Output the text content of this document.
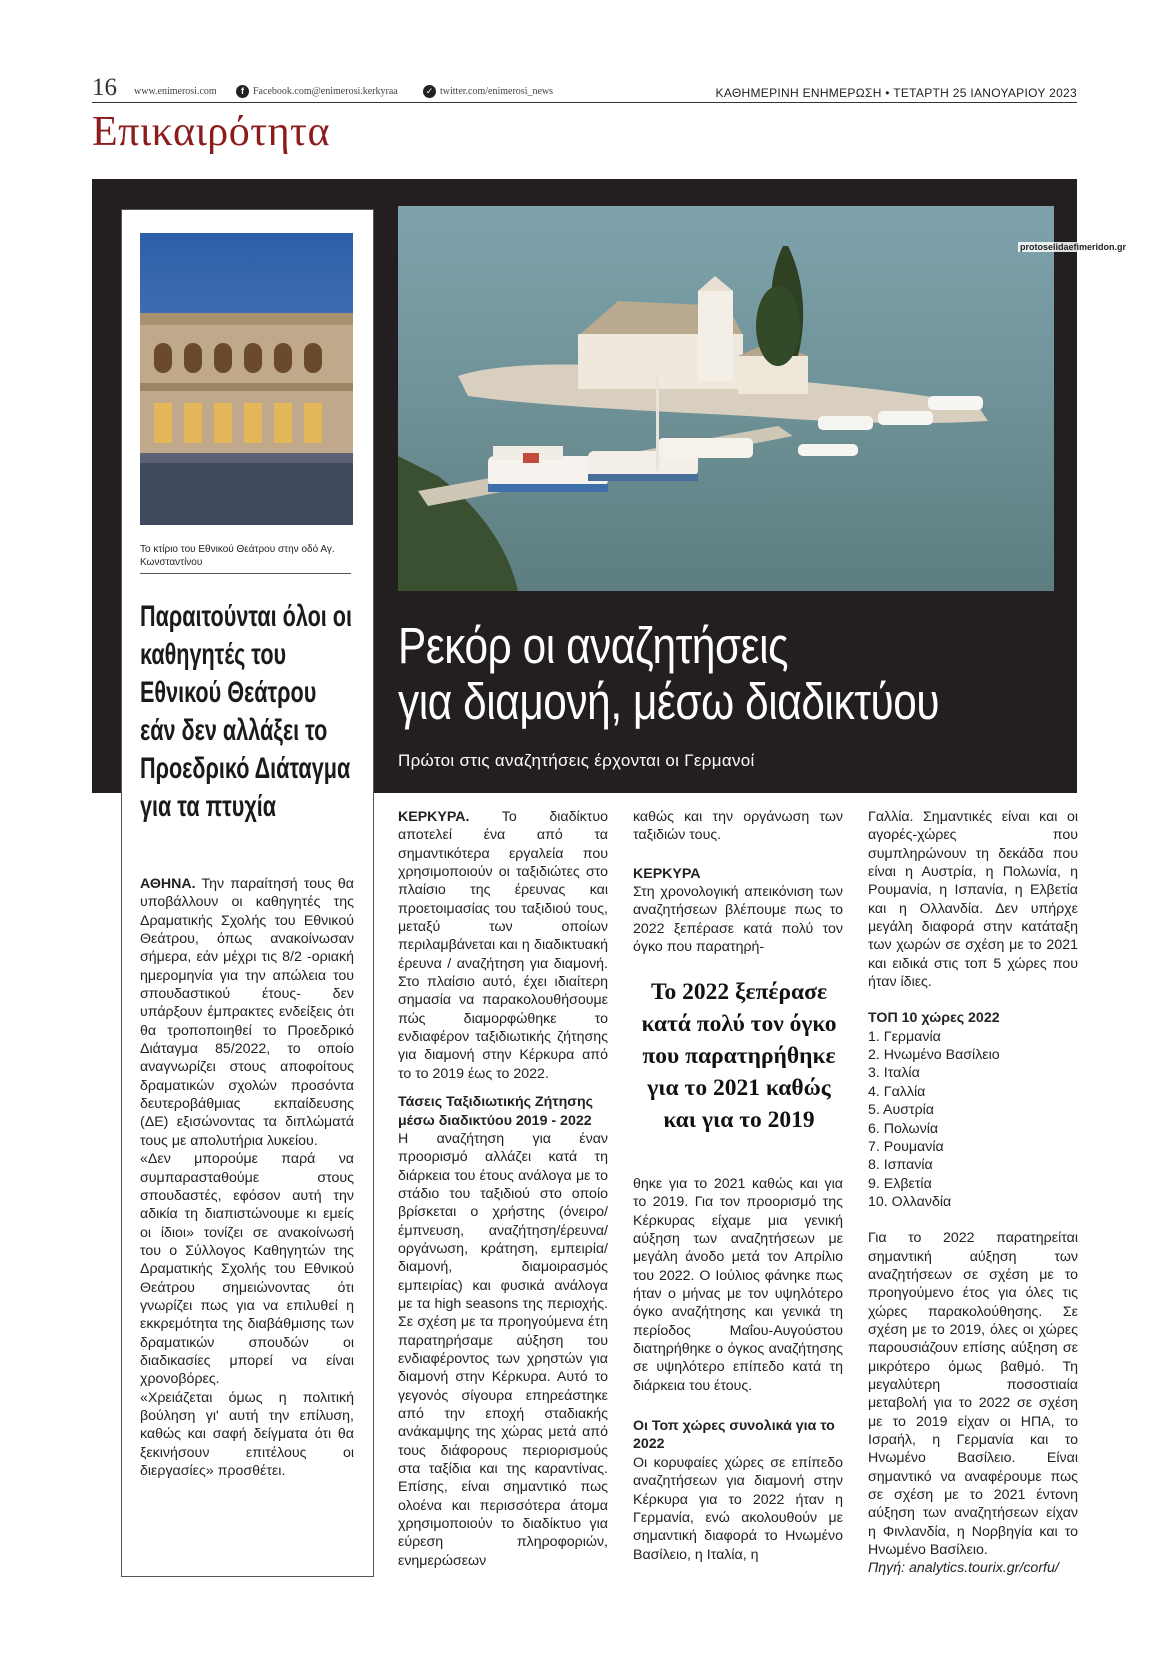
16 www.enimerosi.com	f Facebook.com@enimerosi.kerkyraa	✓ twitter.com/enimerosi_news	ΚΑΘΗΜΕΡΙΝΗ ΕΝΗΜΕΡΩΣΗ • ΤΕΤΑΡΤΗ 25 ΙΑΝΟΥΑΡΙΟΥ 2023
Επικαιρότητα
protoselidaefimeridon.gr
Ρεκόρ οι αναζητήσεις
για διαμονή, μέσω διαδικτύου
Πρώτοι στις αναζητήσεις έρχονται οι Γερμανοί
Το κτίριο του Εθνικού Θεάτρου στην οδό Αγ. Κωνσταντίνου
Παραιτούνται όλοι οι καθηγητές του Εθνικού Θεάτρου εάν δεν αλλάξει το Προεδρικό Διάταγμα για τα πτυχία

ΑΘΗΝΑ. Την παραίτησή τους θα υποβάλλουν οι καθηγητές της Δραματικής Σχολής του Εθνικού Θεάτρου, όπως ανακοίνωσαν σήμερα, εάν μέχρι τις 8/2 -οριακή ημερομηνία για την απώλεια του σπουδαστικού έτους- δεν υπάρξουν έμπρακτες ενδείξεις ότι θα τροποποιηθεί το Προεδρικό Διάταγμα 85/2022, το οποίο αναγνωρίζει στους αποφοίτους δραματικών σχολών προσόντα δευτεροβάθμιας εκπαίδευσης (ΔΕ) εξισώνοντας τα διπλώματά τους με απολυτήρια λυκείου.

«Δεν μπορούμε παρά να συμπαρασταθούμε στους σπουδαστές, εφόσον αυτή την αδικία τη διαπιστώνουμε κι εμείς οι ίδιοι» τονίζει σε ανακοίνωσή του ο Σύλλογος Καθηγητών της Δραματικής Σχολής του Εθνικού Θεάτρου σημειώνοντας ότι γνωρίζει πως για να επιλυθεί η εκκρεμότητα της διαβάθμισης των δραματικών σπουδών οι διαδικασίες μπορεί να είναι χρονοβόρες.

«Χρειάζεται όμως η πολιτική βούληση γι' αυτή την επίλυση, καθώς και σαφή δείγματα ότι θα ξεκινήσουν επιτέλους οι διεργασίες» προσθέτει.

ΚΕΡΚΥΡΑ. Το διαδίκτυο αποτελεί ένα από τα σημαντικότερα εργαλεία που χρησιμοποιούν οι ταξιδιώτες στο πλαίσιο της έρευνας και προετοιμασίας του ταξιδιού τους, μεταξύ των οποίων περιλαμβάνεται και η διαδικτυακή έρευνα / αναζήτηση για διαμονή. Στο πλαίσιο αυτό, έχει ιδιαίτερη σημασία να παρακολουθήσουμε πώς διαμορφώθηκε το ενδιαφέρον ταξιδιωτικής ζήτησης για διαμονή στην Κέρκυρα από το το 2019 έως το 2022.

Τάσεις Ταξιδιωτικής Ζήτησης μέσω διαδικτύου 2019 - 2022

Η αναζήτηση για έναν προορισμό αλλάζει κατά τη διάρκεια του έτους ανάλογα με το στάδιο του ταξιδιού στο οποίο βρίσκεται ο χρήστης (όνειρο/έμπνευση, αναζήτηση/έρευνα/οργάνωση, κράτηση, εμπειρία/διαμονή, διαμοιρασμός εμπειρίας) και φυσικά ανάλογα με τα high seasons της περιοχής. Σε σχέση με τα προηγούμενα έτη παρατηρήσαμε αύξηση του ενδιαφέροντος των χρηστών για διαμονή στην Κέρκυρα. Αυτό το γεγονός σίγουρα επηρεάστηκε από την εποχή σταδιακής ανάκαμψης της χώρας μετά από τους διάφορους περιορισμούς στα ταξίδια και της καραντίνας. Επίσης, είναι σημαντικό πως ολοένα και περισσότερα άτομα χρησιμοποιούν το διαδίκτυο για εύρεση πληροφοριών, ενημερώσεων

καθώς και την οργάνωση των ταξιδιών τους.

ΚΕΡΚΥΡΑ

Στη χρονολογική απεικόνιση των αναζητήσεων βλέπουμε πως το 2022 ξεπέρασε κατά πολύ τον όγκο που παρατηρή-

Το 2022 ξεπέρασε κατά πολύ τον όγκο που παρατηρήθηκε για το 2021 καθώς και για το 2019

θηκε για το 2021 καθώς και για το 2019. Για τον προορισμό της Κέρκυρας είχαμε μια γενική αύξηση των αναζητήσεων με μεγάλη άνοδο μετά τον Απρίλιο του 2022. Ο Ιούλιος φάνηκε πως ήταν ο μήνας με τον υψηλότερο όγκο αναζήτησης και γενικά τη περίοδος Μαΐου-Αυγούστου διατηρήθηκε ο όγκος αναζήτησης σε υψηλότερο επίπεδο κατά τη διάρκεια του έτους.

Οι Τοπ χώρες συνολικά για το 2022

Οι κορυφαίες χώρες σε επίπεδο αναζητήσεων για διαμονή στην Κέρκυρα για το 2022 ήταν η Γερμανία, ενώ ακολουθούν με σημαντική διαφορά το Ηνωμένο Βασίλειο, η Ιταλία, η

Γαλλία. Σημαντικές είναι και οι αγορές-χώρες που συμπληρώνουν τη δεκάδα που είναι η Αυστρία, η Πολωνία, η Ρουμανία, η Ισπανία, η Ελβετία και η Ολλανδία. Δεν υπήρχε μεγάλη διαφορά στην κατάταξη των χωρών σε σχέση με το 2021 και ειδικά στις τοπ 5 χώρες που ήταν ίδιες.

ΤΟΠ 10 χώρες 2022

1. Γερμανία
2. Ηνωμένο Βασίλειο
3. Ιταλία
4. Γαλλία
5. Αυστρία
6. Πολωνία
7. Ρουμανία
8. Ισπανία
9. Ελβετία
10. Ολλανδία

Για το 2022 παρατηρείται σημαντική αύξηση των αναζητήσεων σε σχέση με το προηγούμενο έτος για όλες τις χώρες παρακολούθησης. Σε σχέση με το 2019, όλες οι χώρες παρουσιάζουν επίσης αύξηση σε μικρότερο όμως βαθμό. Τη μεγαλύτερη ποσοστιαία μεταβολή για το 2022 σε σχέση με το 2019 είχαν οι ΗΠΑ, το Ισραήλ, η Γερμανία και το Ηνωμένο Βασίλειο. Είναι σημαντικό να αναφέρουμε πως σε σχέση με το 2021 έντονη αύξηση των αναζητήσεων είχαν η Φινλανδία, η Νορβηγία και το Ηνωμένο Βασίλειο.

Πηγή: analytics.tourix.gr/corfu/
